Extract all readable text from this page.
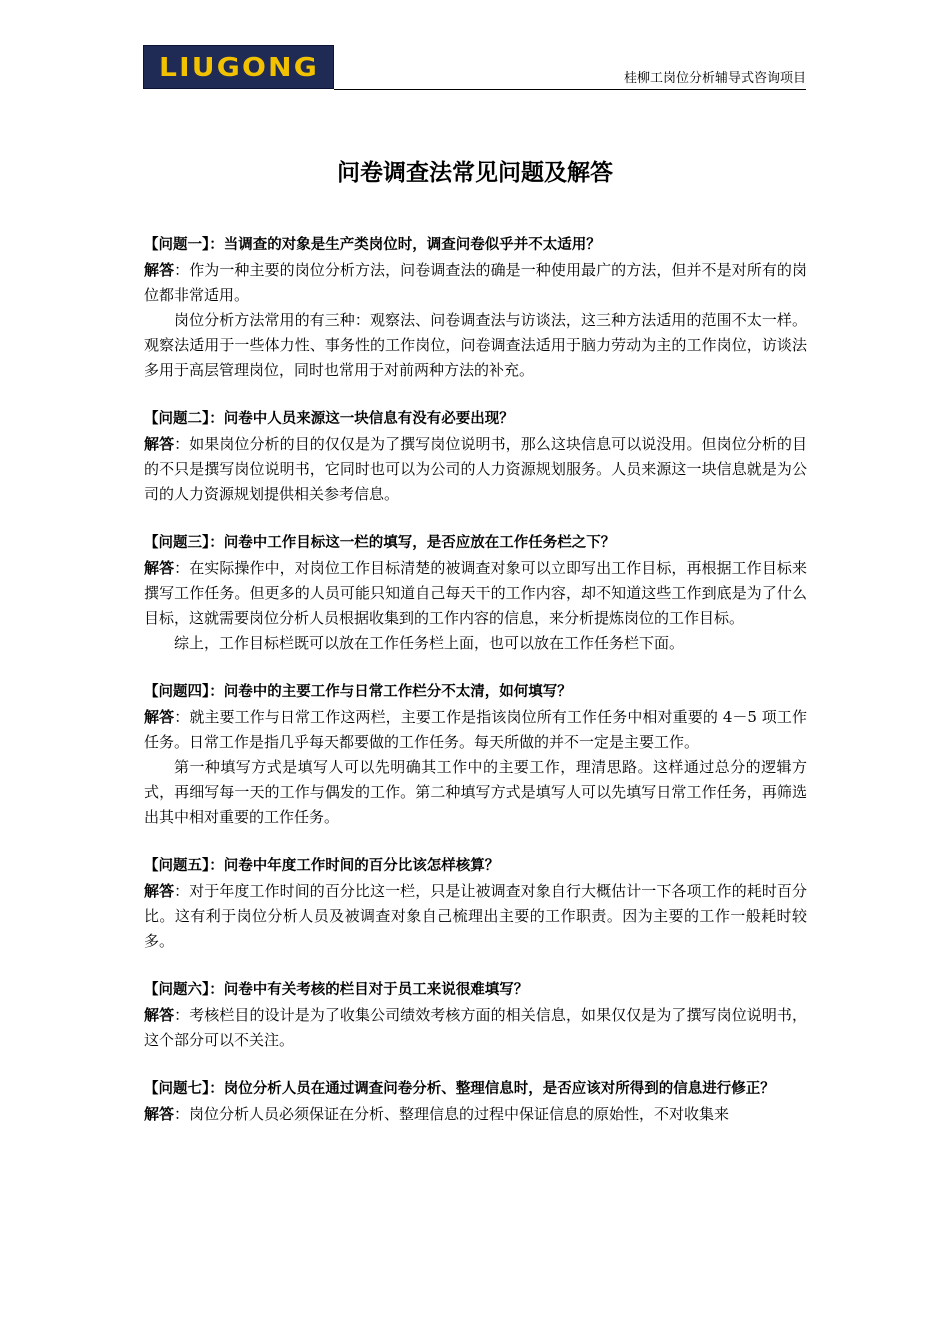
LIUGONG	桂柳工岗位分析辅导式咨询项目
问卷调查法常见问题及解答
【问题一】：当调查的对象是生产类岗位时，调查问卷似乎并不太适用？
解答：作为一种主要的岗位分析方法，问卷调查法的确是一种使用最广的方法，但并不是对所有的岗位都非常适用。
岗位分析方法常用的有三种：观察法、问卷调查法与访谈法，这三种方法适用的范围不太一样。观察法适用于一些体力性、事务性的工作岗位，问卷调查法适用于脑力劳动为主的工作岗位，访谈法多用于高层管理岗位，同时也常用于对前两种方法的补充。
【问题二】：问卷中人员来源这一块信息有没有必要出现？
解答：如果岗位分析的目的仅仅是为了撰写岗位说明书，那么这块信息可以说没用。但岗位分析的目的不只是撰写岗位说明书，它同时也可以为公司的人力资源规划服务。人员来源这一块信息就是为公司的人力资源规划提供相关参考信息。
【问题三】：问卷中工作目标这一栏的填写，是否应放在工作任务栏之下？
解答：在实际操作中，对岗位工作目标清楚的被调查对象可以立即写出工作目标，再根据工作目标来撰写工作任务。但更多的人员可能只知道自己每天干的工作内容，却不知道这些工作到底是为了什么目标，这就需要岗位分析人员根据收集到的工作内容的信息，来分析提炼岗位的工作目标。
综上，工作目标栏既可以放在工作任务栏上面，也可以放在工作任务栏下面。
【问题四】：问卷中的主要工作与日常工作栏分不太清，如何填写？
解答：就主要工作与日常工作这两栏，主要工作是指该岗位所有工作任务中相对重要的 4－5 项工作任务。日常工作是指几乎每天都要做的工作任务。每天所做的并不一定是主要工作。
第一种填写方式是填写人可以先明确其工作中的主要工作，理清思路。这样通过总分的逻辑方式，再细写每一天的工作与偶发的工作。第二种填写方式是填写人可以先填写日常工作任务，再筛选出其中相对重要的工作任务。
【问题五】：问卷中年度工作时间的百分比该怎样核算？
解答：对于年度工作时间的百分比这一栏，只是让被调查对象自行大概估计一下各项工作的耗时百分比。这有利于岗位分析人员及被调查对象自己梳理出主要的工作职责。因为主要的工作一般耗时较多。
【问题六】：问卷中有关考核的栏目对于员工来说很难填写？
解答：考核栏目的设计是为了收集公司绩效考核方面的相关信息，如果仅仅是为了撰写岗位说明书，这个部分可以不关注。
【问题七】：岗位分析人员在通过调查问卷分析、整理信息时，是否应该对所得到的信息进行修正？
解答：岗位分析人员必须保证在分析、整理信息的过程中保证信息的原始性，不对收集来
